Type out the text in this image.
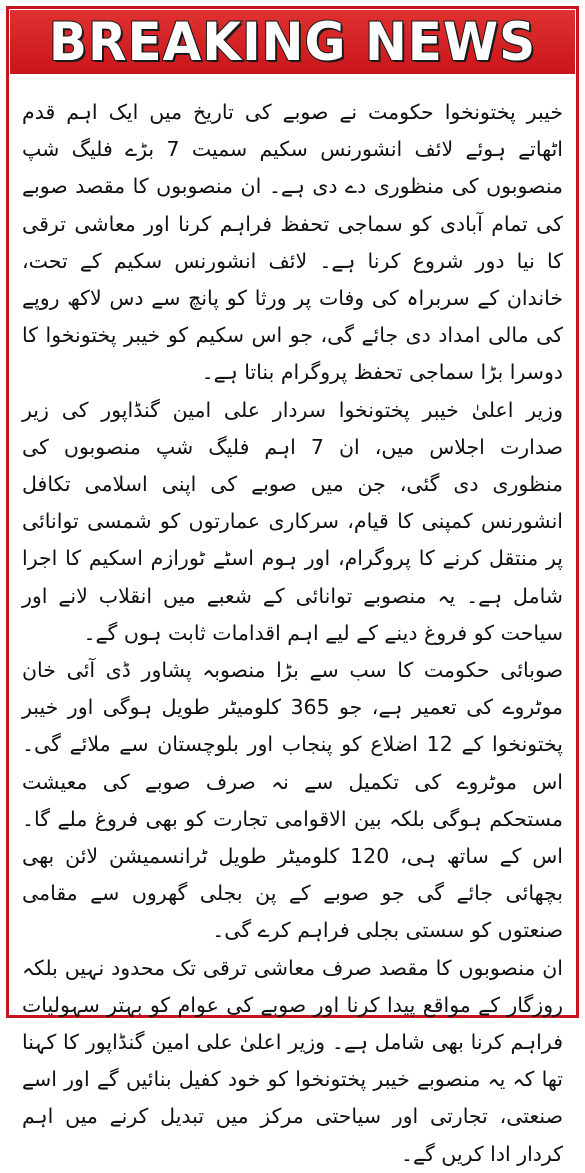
BREAKING NEWS

خیبر پختونخوا حکومت نے صوبے کی تاریخ میں ایک اہم قدم اٹھاتے ہوئے لائف انشورنس سکیم سمیت 7 بڑے فلیگ شپ منصوبوں کی منظوری دے دی ہے۔ ان منصوبوں کا مقصد صوبے کی تمام آبادی کو سماجی تحفظ فراہم کرنا اور معاشی ترقی کا نیا دور شروع کرنا ہے۔ لائف انشورنس سکیم کے تحت، خاندان کے سربراہ کی وفات پر ورثا کو پانچ سے دس لاکھ روپے کی مالی امداد دی جائے گی، جو اس سکیم کو خیبر پختونخوا کا دوسرا بڑا سماجی تحفظ پروگرام بناتا ہے۔

وزیر اعلیٰ خیبر پختونخوا سردار علی امین گنڈاپور کی زیر صدارت اجلاس میں، ان 7 اہم فلیگ شپ منصوبوں کی منظوری دی گئی، جن میں صوبے کی اپنی اسلامی تکافل انشورنس کمپنی کا قیام، سرکاری عمارتوں کو شمسی توانائی پر منتقل کرنے کا پروگرام، اور ہوم اسٹے ٹورازم اسکیم کا اجرا شامل ہے۔ یہ منصوبے توانائی کے شعبے میں انقلاب لانے اور سیاحت کو فروغ دینے کے لیے اہم اقدامات ثابت ہوں گے۔

صوبائی حکومت کا سب سے بڑا منصوبہ پشاور ڈی آئی خان موٹروے کی تعمیر ہے، جو 365 کلومیٹر طویل ہوگی اور خیبر پختونخوا کے 12 اضلاع کو پنجاب اور بلوچستان سے ملائے گی۔ اس موٹروے کی تکمیل سے نہ صرف صوبے کی معیشت مستحکم ہوگی بلکہ بین الاقوامی تجارت کو بھی فروغ ملے گا۔ اس کے ساتھ ہی، 120 کلومیٹر طویل ٹرانسمیشن لائن بھی بچھائی جائے گی جو صوبے کے پن بجلی گھروں سے مقامی صنعتوں کو سستی بجلی فراہم کرے گی۔

ان منصوبوں کا مقصد صرف معاشی ترقی تک محدود نہیں بلکہ روزگار کے مواقع پیدا کرنا اور صوبے کی عوام کو بہتر سہولیات فراہم کرنا بھی شامل ہے۔ وزیر اعلیٰ علی امین گنڈاپور کا کہنا تھا کہ یہ منصوبے خیبر پختونخوا کو خود کفیل بنائیں گے اور اسے صنعتی، تجارتی اور سیاحتی مرکز میں تبدیل کرنے میں اہم کردار ادا کریں گے۔
